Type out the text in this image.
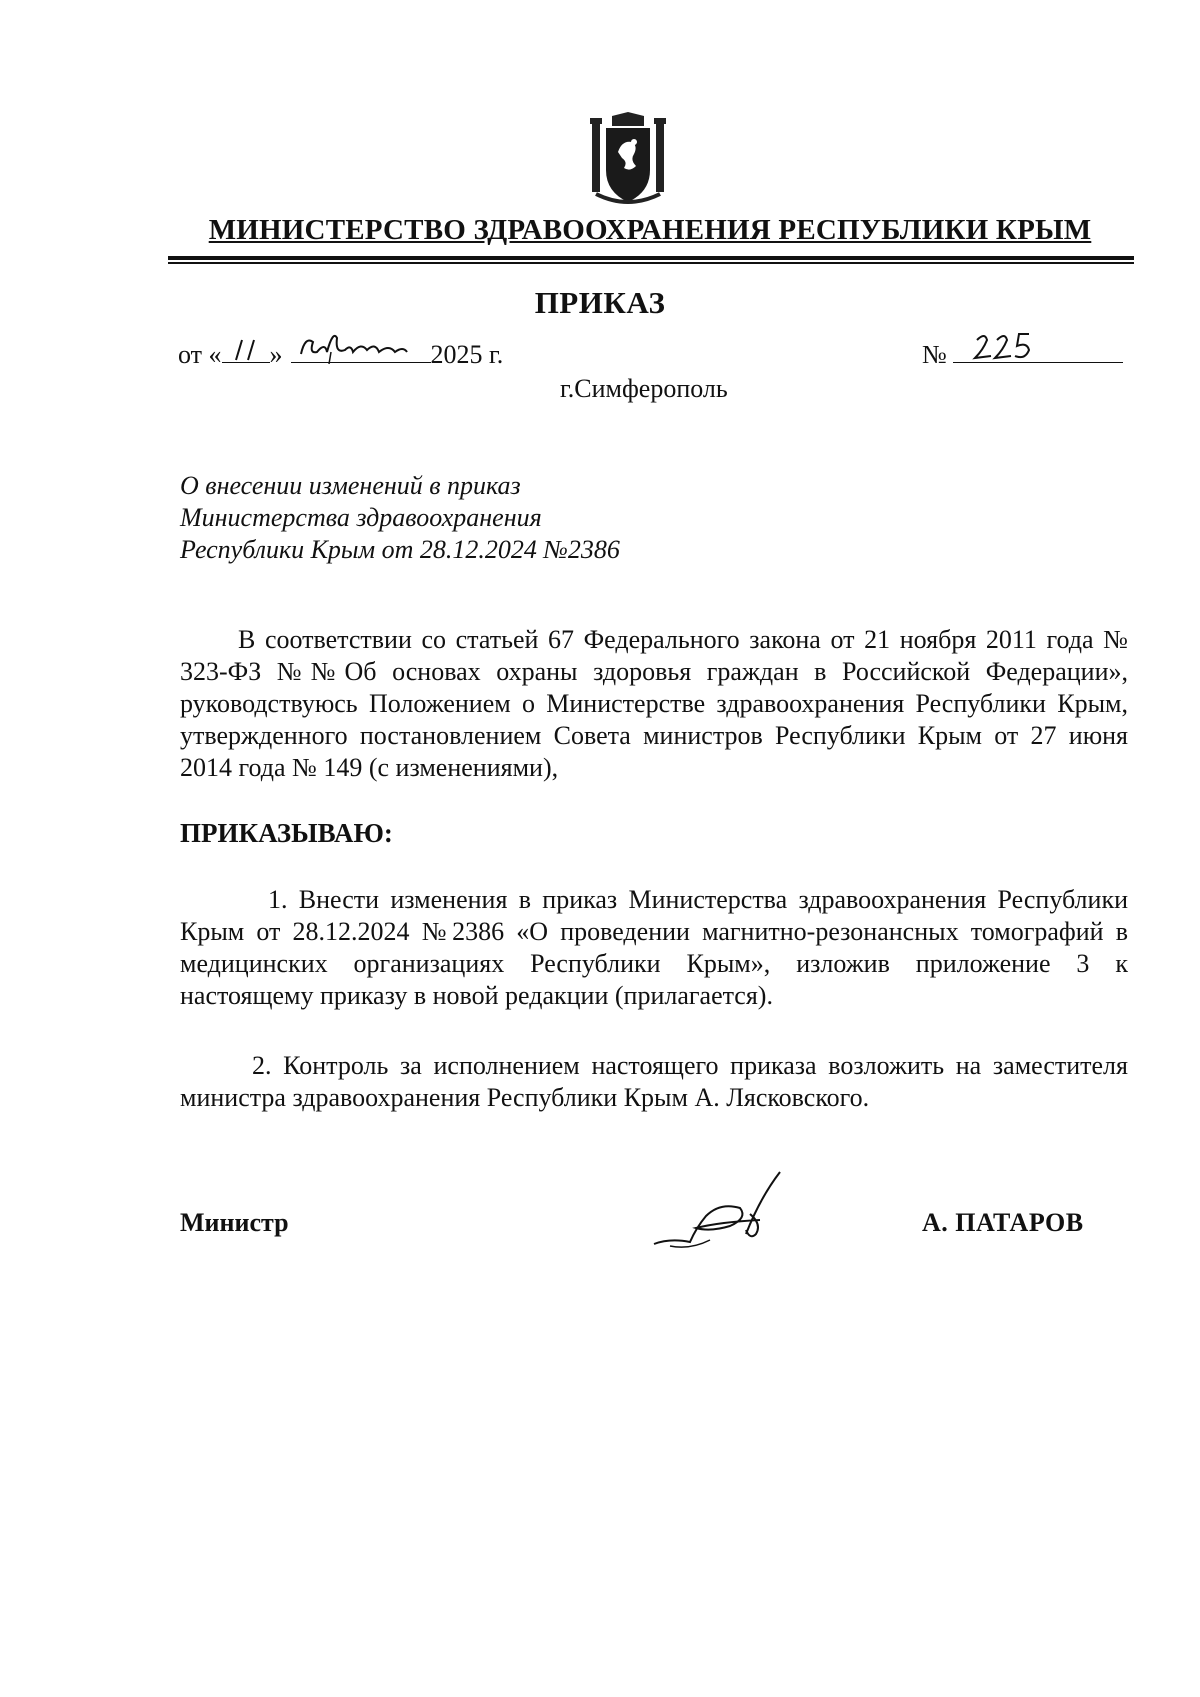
МИНИСТЕРСТВО ЗДРАВООХРАНЕНИЯ РЕСПУБЛИКИ КРЫМ
ПРИКАЗ
от « »	2025 г.	№
г.Симферополь
О внесении изменений в приказ
Министерства здравоохранения
Республики Крым от 28.12.2024 №2386
В соответствии со статьей 67 Федерального закона от 21 ноября 2011 года № 323-ФЗ №№Об основах охраны здоровья граждан в Российской Федерации», руководствуюсь Положением о Министерстве здравоохранения Республики Крым, утвержденного постановлением Совета министров Республики Крым от 27 июня 2014 года № 149 (с изменениями),
ПРИКАЗЫВАЮ:
1. Внести изменения в приказ Министерства здравоохранения Республики Крым от 28.12.2024 №2386 «О проведении магнитно-резонансных томографий в медицинских организациях Республики Крым», изложив приложение 3 к настоящему приказу в новой редакции (прилагается).
2. Контроль за исполнением настоящего приказа возложить на заместителя министра здравоохранения Республики Крым А. Лясковского.
Министр	А. ПАТАРОВ
